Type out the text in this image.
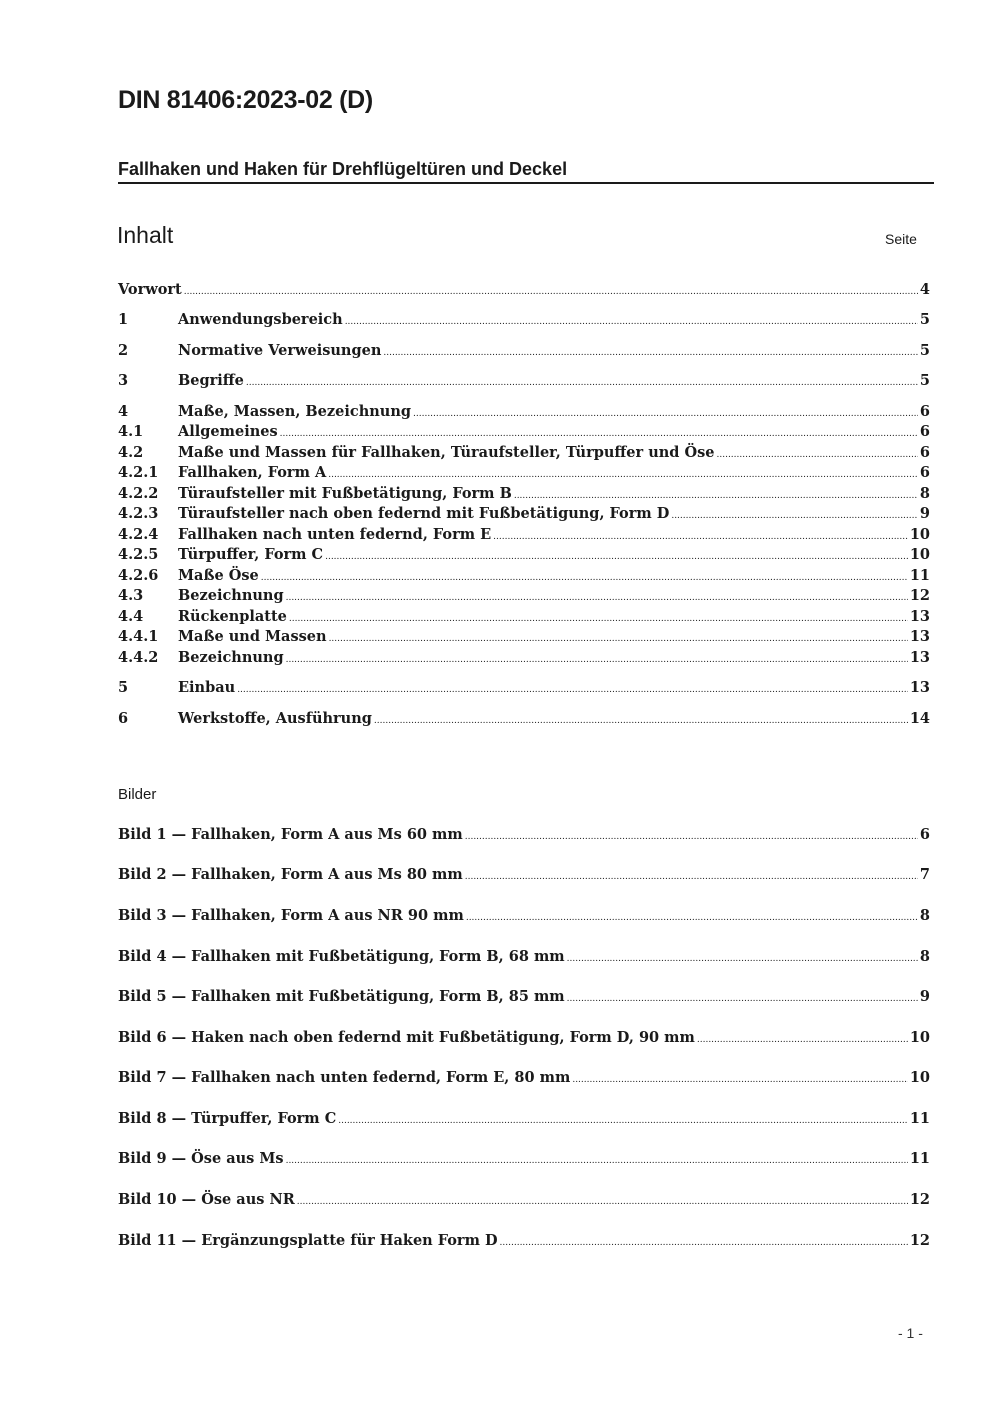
DIN 81406:2023-02 (D)
Fallhaken und Haken für Drehflügeltüren und Deckel
Inhalt	Seite
Vorwort .....	4
1	Anwendungsbereich .....	5
2	Normative Verweisungen .....	5
3	Begriffe .....	5
4	Maße, Massen, Bezeichnung .....	6
4.1	Allgemeines .....	6
4.2	Maße und Massen für Fallhaken, Türaufsteller, Türpuffer und Öse .....	6
4.2.1	Fallhaken, Form A .....	6
4.2.2	Türaufsteller mit Fußbetätigung, Form B .....	8
4.2.3	Türaufsteller nach oben federnd mit Fußbetätigung, Form D .....	9
4.2.4	Fallhaken nach unten federnd, Form E .....	10
4.2.5	Türpuffer, Form C .....	10
4.2.6	Maße Öse .....	11
4.3	Bezeichnung .....	12
4.4	Rückenplatte .....	13
4.4.1	Maße und Massen .....	13
4.4.2	Bezeichnung .....	13
5	Einbau .....	13
6	Werkstoffe, Ausführung .....	14
Bilder
Bild 1 — Fallhaken, Form A aus Ms 60 mm .....	6
Bild 2 — Fallhaken, Form A aus Ms 80 mm .....	7
Bild 3 — Fallhaken, Form A aus NR 90 mm .....	8
Bild 4 — Fallhaken mit Fußbetätigung, Form B, 68 mm .....	8
Bild 5 — Fallhaken mit Fußbetätigung, Form B, 85 mm .....	9
Bild 6 — Haken nach oben federnd mit Fußbetätigung, Form D, 90 mm .....	10
Bild 7 — Fallhaken nach unten federnd, Form E, 80 mm .....	10
Bild 8 — Türpuffer, Form C .....	11
Bild 9 — Öse aus Ms .....	11
Bild 10 — Öse aus NR .....	12
Bild 11 — Ergänzungsplatte für Haken Form D .....	12
- 1 -
